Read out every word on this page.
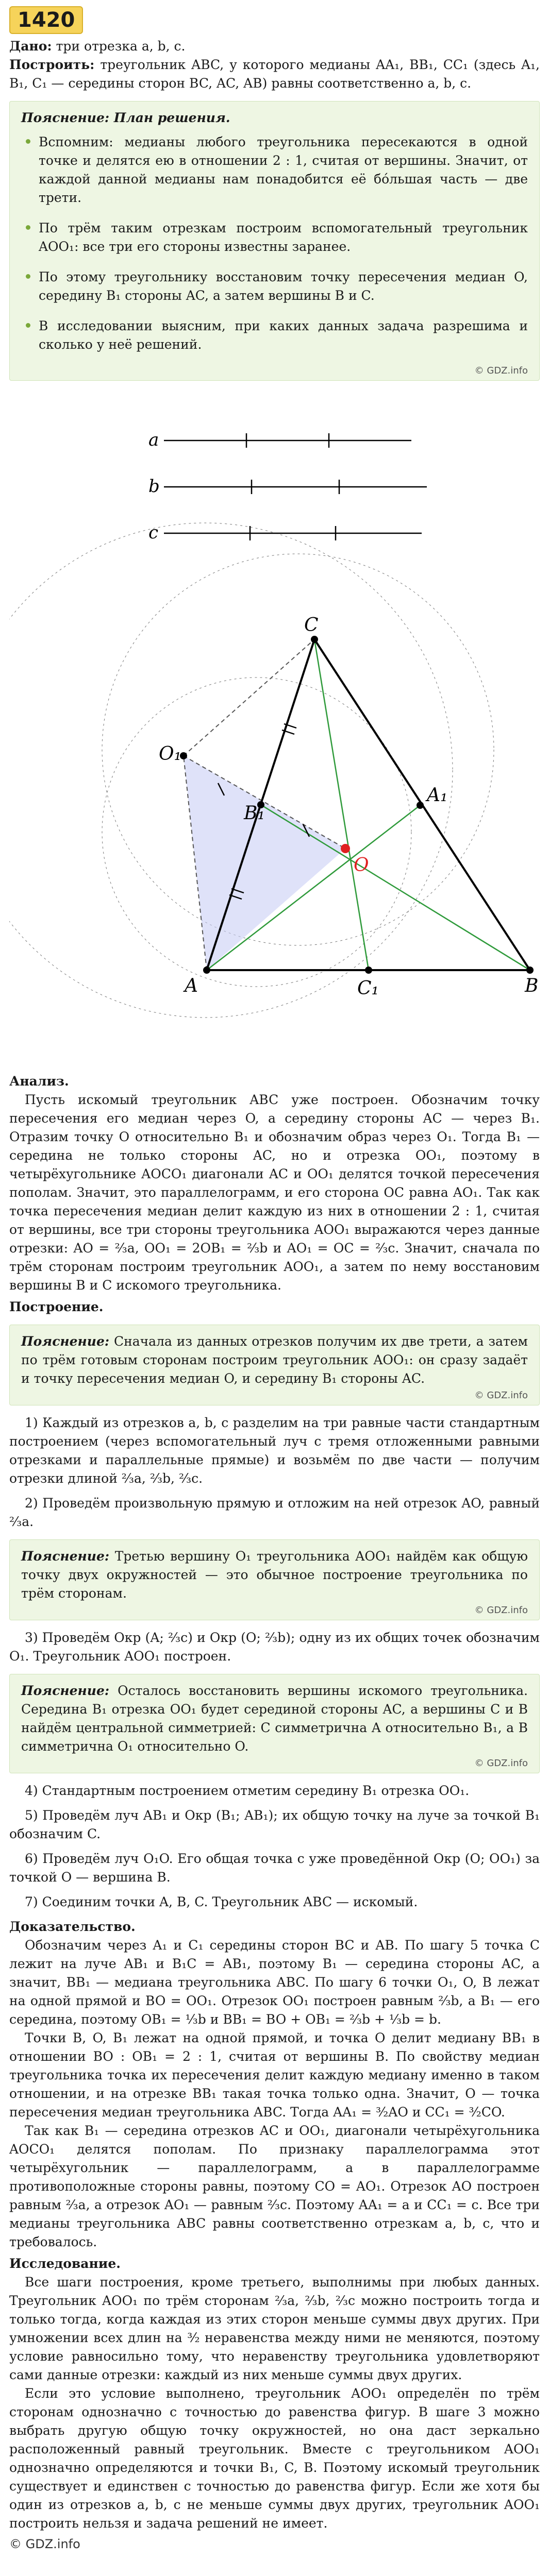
1420

Дано: три отрезка a, b, c.

Построить: треугольник ABC, у которого медианы AA₁, BB₁, CC₁ (здесь A₁, B₁, C₁ — середины сторон BC, AC, AB) равны соответственно a, b, c.

Пояснение: План решения.
• Вспомним: медианы любого треугольника пересекаются в одной точке и делятся ею в отношении 2 : 1, считая от вершины. Значит, от каждой данной медианы нам понадобится её бóльшая часть — две трети.
• По трём таким отрезкам построим вспомогательный треугольник AOO₁: все три его стороны известны заранее.
• По этому треугольнику восстановим точку пересечения медиан O, середину B₁ стороны AC, а затем вершины B и C.
• В исследовании выясним, при каких данных задача разрешима и сколько у неё решений.
© GDZ.info
a
b
c
A	B
C
O₁
B₁
A₁
C₁
O
Анализ.

Пусть искомый треугольник ABC уже построен. Обозначим точку пересечения его медиан через O, а середину стороны AC — через B₁. Отразим точку O относительно B₁ и обозначим образ через O₁. Тогда B₁ — середина не только стороны AC, но и отрезка OO₁, поэтому в четырёхугольнике AOCO₁ диагонали AC и OO₁ делятся точкой пересечения пополам. Значит, это параллелограмм, и его сторона OC равна AO₁. Так как точка пересечения медиан делит каждую из них в отношении 2 : 1, считая от вершины, все три стороны треугольника AOO₁ выражаются через данные отрезки: AO = ²⁄₃a, OO₁ = 2OB₁ = ²⁄₃b и AO₁ = OC = ²⁄₃c. Значит, сначала по трём сторонам построим треугольник AOO₁, а затем по нему восстановим вершины B и C искомого треугольника.

Построение.

Пояснение: Сначала из данных отрезков получим их две трети, а затем по трём готовым сторонам построим треугольник AOO₁: он сразу задаёт и точку пересечения медиан O, и середину B₁ стороны AC.

© GDZ.info

1) Каждый из отрезков a, b, c разделим на три равные части стандартным построением (через вспомогательный луч с тремя отложенными равными отрезками и параллельные прямые) и возьмём по две части — получим отрезки длиной ²⁄₃a, ²⁄₃b, ²⁄₃c.

2) Проведём произвольную прямую и отложим на ней отрезок AO, равный ²⁄₃a.

Пояснение: Третью вершину O₁ треугольника AOO₁ найдём как общую точку двух окружностей — это обычное построение треугольника по трём сторонам.

© GDZ.info

3) Проведём Окр (A; ²⁄₃c) и Окр (O; ²⁄₃b); одну из их общих точек обозначим O₁. Треугольник AOO₁ построен.

Пояснение: Осталось восстановить вершины искомого треугольника. Середина B₁ отрезка OO₁ будет серединой стороны AC, а вершины C и B найдём центральной симметрией: C симметрична A относительно B₁, а B симметрична O₁ относительно O.

© GDZ.info

4) Стандартным построением отметим середину B₁ отрезка OO₁.

5) Проведём луч AB₁ и Окр (B₁; AB₁); их общую точку на луче за точкой B₁ обозначим C.

6) Проведём луч O₁O. Его общая точка с уже проведённой Окр (O; OO₁) за точкой O — вершина B.

7) Соединим точки A, B, C. Треугольник ABC — искомый.

Доказательство.

Обозначим через A₁ и C₁ середины сторон BC и AB. По шагу 5 точка C лежит на луче AB₁ и B₁C = AB₁, поэтому B₁ — середина стороны AC, а значит, BB₁ — медиана треугольника ABC. По шагу 6 точки O₁, O, B лежат на одной прямой и BO = OO₁. Отрезок OO₁ построен равным ²⁄₃b, а B₁ — его середина, поэтому OB₁ = ¹⁄₃b и BB₁ = BO + OB₁ = ²⁄₃b + ¹⁄₃b = b.

Точки B, O, B₁ лежат на одной прямой, и точка O делит медиану BB₁ в отношении BO : OB₁ = 2 : 1, считая от вершины B. По свойству медиан треугольника точка их пересечения делит каждую медиану именно в таком отношении, и на отрезке BB₁ такая точка только одна. Значит, O — точка пересечения медиан треугольника ABC. Тогда AA₁ = ³⁄₂AO и CC₁ = ³⁄₂CO.

Так как B₁ — середина отрезков AC и OO₁, диагонали четырёхугольника AOCO₁ делятся пополам. По признаку параллелограмма этот четырёхугольник — параллелограмм, а в параллелограмме противоположные стороны равны, поэтому CO = AO₁. Отрезок AO построен равным ²⁄₃a, а отрезок AO₁ — равным ²⁄₃c. Поэтому AA₁ = a и CC₁ = c. Все три медианы треугольника ABC равны соответственно отрезкам a, b, c, что и требовалось.

Исследование.

Все шаги построения, кроме третьего, выполнимы при любых данных. Треугольник AOO₁ по трём сторонам ²⁄₃a, ²⁄₃b, ²⁄₃c можно построить тогда и только тогда, когда каждая из этих сторон меньше суммы двух других. При умножении всех длин на ³⁄₂ неравенства между ними не меняются, поэтому условие равносильно тому, что неравенству треугольника удовлетворяют сами данные отрезки: каждый из них меньше суммы двух других.

Если это условие выполнено, треугольник AOO₁ определён по трём сторонам однозначно с точностью до равенства фигур. В шаге 3 можно выбрать другую общую точку окружностей, но она даст зеркально расположенный равный треугольник. Вместе с треугольником AOO₁ однозначно определяются и точки B₁, C, B. Поэтому искомый треугольник существует и единствен с точностью до равенства фигур. Если же хотя бы один из отрезков a, b, c не меньше суммы двух других, треугольник AOO₁ построить нельзя и задача решений не имеет.

© GDZ.info
